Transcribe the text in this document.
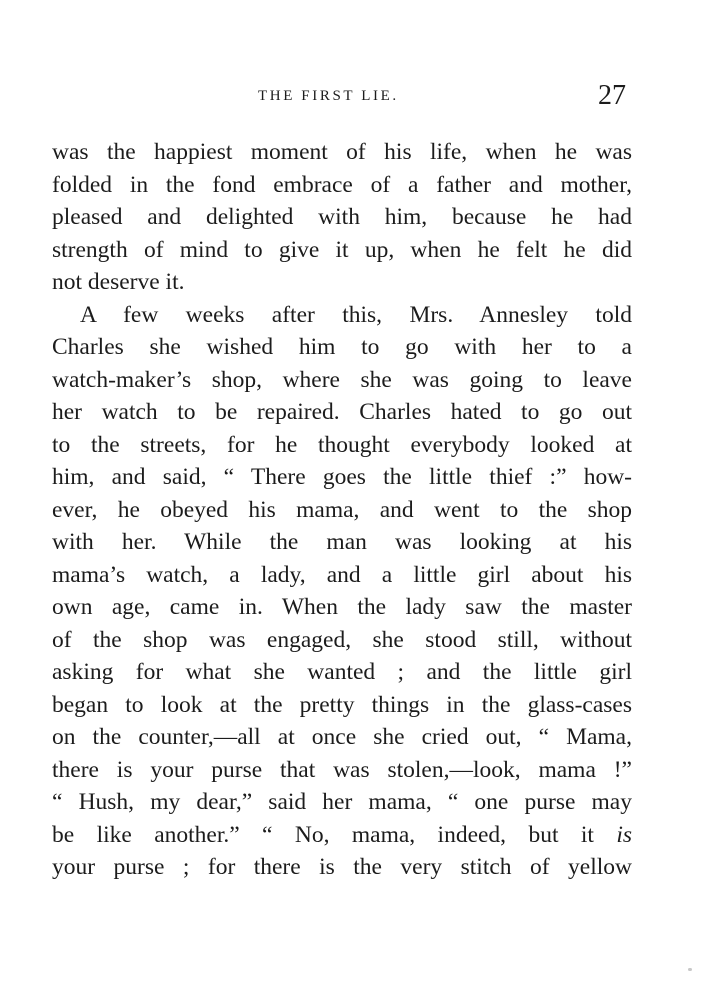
THE FIRST LIE.	27
was the happiest moment of his life, when he was
folded in the fond embrace of a father and mother,
pleased and delighted with him, because he had
strength of mind to give it up, when he felt he did
not deserve it.
A few weeks after this, Mrs. Annesley told
Charles she wished him to go with her to a
watch-maker’s shop, where she was going to leave
her watch to be repaired. Charles hated to go out
to the streets, for he thought everybody looked at
him, and said, “ There goes the little thief :” how-
ever, he obeyed his mama, and went to the shop
with her. While the man was looking at his
mama’s watch, a lady, and a little girl about his
own age, came in. When the lady saw the master
of the shop was engaged, she stood still, without
asking for what she wanted ; and the little girl
began to look at the pretty things in the glass-cases
on the counter,—all at once she cried out, “ Mama,
there is your purse that was stolen,—look, mama !”
“ Hush, my dear,” said her mama, “ one purse may
be like another.” “ No, mama, indeed, but it is
your purse ; for there is the very stitch of yellow
